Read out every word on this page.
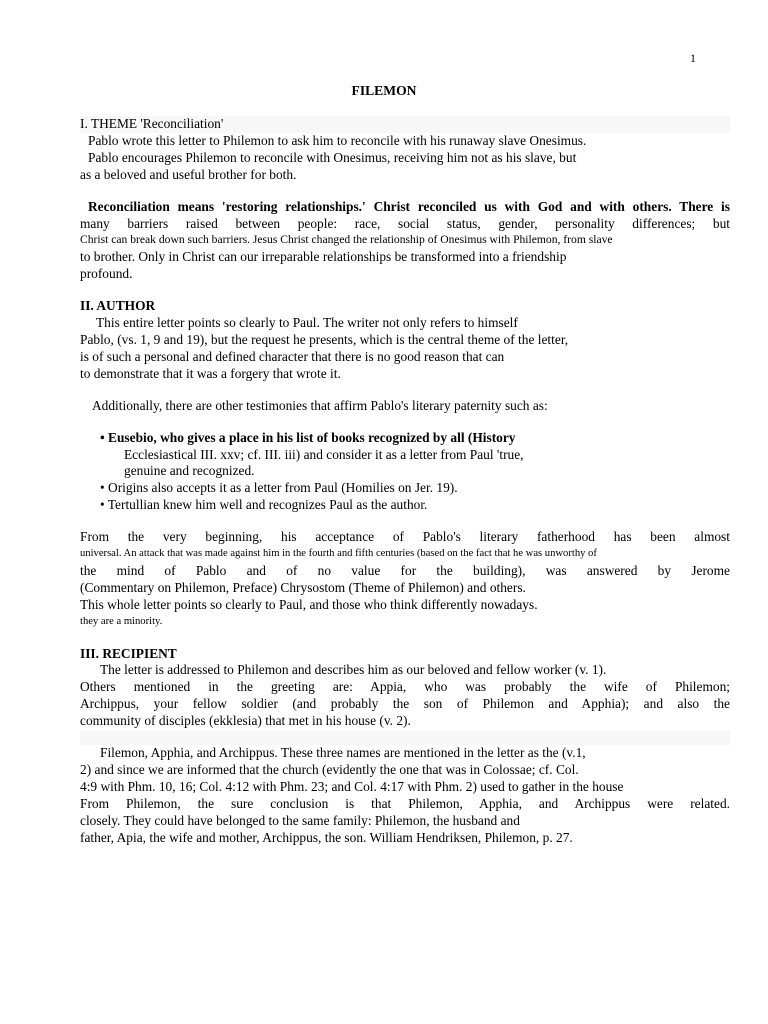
1
FILEMON
I. THEME 'Reconciliation'
Pablo wrote this letter to Philemon to ask him to reconcile with his runaway slave Onesimus.
Pablo encourages Philemon to reconcile with Onesimus, receiving him not as his slave, but
as a beloved and useful brother for both.
Reconciliation means 'restoring relationships.' Christ reconciled us with God and with others. There is
many barriers raised between people: race, social status, gender, personality differences; but
Christ can break down such barriers. Jesus Christ changed the relationship of Onesimus with Philemon, from slave
to brother. Only in Christ can our irreparable relationships be transformed into a friendship
profound.
II. AUTHOR
This entire letter points so clearly to Paul. The writer not only refers to himself
Pablo, (vs. 1, 9 and 19), but the request he presents, which is the central theme of the letter,
is of such a personal and defined character that there is no good reason that can
to demonstrate that it was a forgery that wrote it.
Additionally, there are other testimonies that affirm Pablo's literary paternity such as:
• Eusebio, who gives a place in his list of books recognized by all (History
Ecclesiastical III. xxv; cf. III. iii) and consider it as a letter from Paul 'true,
genuine and recognized.
• Origins also accepts it as a letter from Paul (Homilies on Jer. 19).
• Tertullian knew him well and recognizes Paul as the author.
From the very beginning, his acceptance of Pablo's literary fatherhood has been almost
universal. An attack that was made against him in the fourth and fifth centuries (based on the fact that he was unworthy of
the mind of Pablo and of no value for the building), was answered by Jerome
(Commentary on Philemon, Preface) Chrysostom (Theme of Philemon) and others.
This whole letter points so clearly to Paul, and those who think differently nowadays.
they are a minority.
III. RECIPIENT
The letter is addressed to Philemon and describes him as our beloved and fellow worker (v. 1).
Others mentioned in the greeting are: Appia, who was probably the wife of Philemon;
Archippus, your fellow soldier (and probably the son of Philemon and Apphia); and also the
community of disciples (ekklesia) that met in his house (v. 2).
Filemon, Apphia, and Archippus. These three names are mentioned in the letter as the (v.1,
2) and since we are informed that the church (evidently the one that was in Colossae; cf. Col.
4:9 with Phm. 10, 16; Col. 4:12 with Phm. 23; and Col. 4:17 with Phm. 2) used to gather in the house
From Philemon, the sure conclusion is that Philemon, Apphia, and Archippus were related.
closely. They could have belonged to the same family: Philemon, the husband and
father, Apia, the wife and mother, Archippus, the son. William Hendriksen, Philemon, p. 27.
